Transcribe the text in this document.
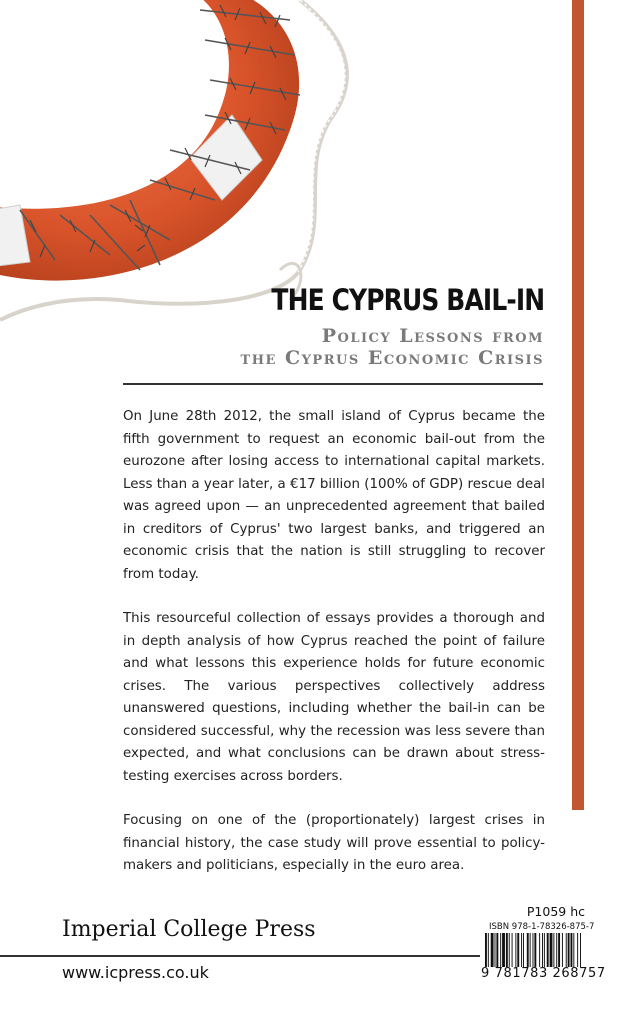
THE CYPRUS BAIL-IN
Policy Lessons from
the Cyprus Economic Crisis

On June 28th 2012, the small island of Cyprus became the fifth government to request an economic bail-out from the eurozone after losing access to international capital markets. Less than a year later, a €17 billion (100% of GDP) rescue deal was agreed upon — an unprecedented agreement that bailed in creditors of Cyprus' two largest banks, and triggered an economic crisis that the nation is still struggling to recover from today.

This resourceful collection of essays provides a thorough and in depth analysis of how Cyprus reached the point of failure and what lessons this experience holds for future economic crises. The various perspectives collectively address unanswered questions, including whether the bail-in can be considered successful, why the recession was less severe than expected, and what conclusions can be drawn about stress-testing exercises across borders.

Focusing on one of the (proportionately) largest crises in financial history, the case study will prove essential to policy-makers and politicians, especially in the euro area.

P1059 hc
Imperial College Press
www.icpress.co.uk
ISBN 978-1-78326-875-7
9 781783 268757
